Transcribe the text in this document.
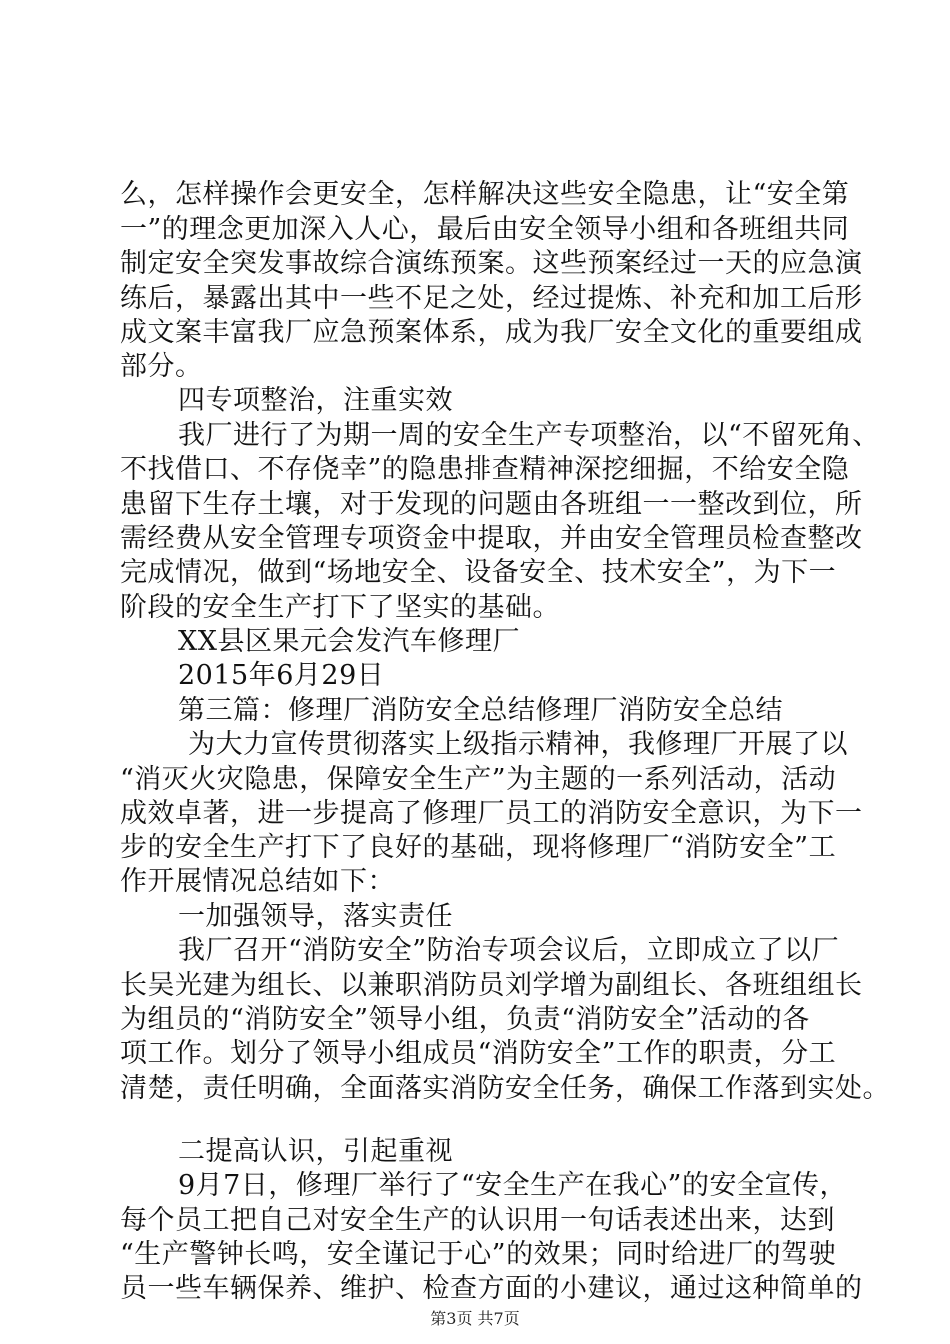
么，怎样操作会更安全，怎样解决这些安全隐患，让“安全第
一”的理念更加深入人心，最后由安全领导小组和各班组共同
制定安全突发事故综合演练预案。这些预案经过一天的应急演
练后，暴露出其中一些不足之处，经过提炼、补充和加工后形
成文案丰富我厂应急预案体系，成为我厂安全文化的重要组成
部分。
四专项整治，注重实效
我厂进行了为期一周的安全生产专项整治，以“不留死角、
不找借口、不存侥幸”的隐患排查精神深挖细掘，不给安全隐
患留下生存土壤，对于发现的问题由各班组一一整改到位，所
需经费从安全管理专项资金中提取，并由安全管理员检查整改
完成情况，做到“场地安全、设备安全、技术安全”，为下一
阶段的安全生产打下了坚实的基础。
XX县区果元会发汽车修理厂
2015年6月29日
第三篇：修理厂消防安全总结修理厂消防安全总结
为大力宣传贯彻落实上级指示精神，我修理厂开展了以
“消灭火灾隐患，保障安全生产”为主题的一系列活动，活动
成效卓著，进一步提高了修理厂员工的消防安全意识，为下一
步的安全生产打下了良好的基础，现将修理厂“消防安全”工
作开展情况总结如下：
一加强领导，落实责任
我厂召开“消防安全”防治专项会议后，立即成立了以厂
长吴光建为组长、以兼职消防员刘学增为副组长、各班组组长
为组员的“消防安全”领导小组，负责“消防安全”活动的各
项工作。划分了领导小组成员“消防安全”工作的职责，分工
清楚，责任明确，全面落实消防安全任务，确保工作落到实处。
二提高认识，引起重视
9月7日，修理厂举行了“安全生产在我心”的安全宣传，
每个员工把自己对安全生产的认识用一句话表述出来，达到
“生产警钟长鸣，安全谨记于心”的效果；同时给进厂的驾驶
员一些车辆保养、维护、检查方面的小建议，通过这种简单的
第3页 共7页
